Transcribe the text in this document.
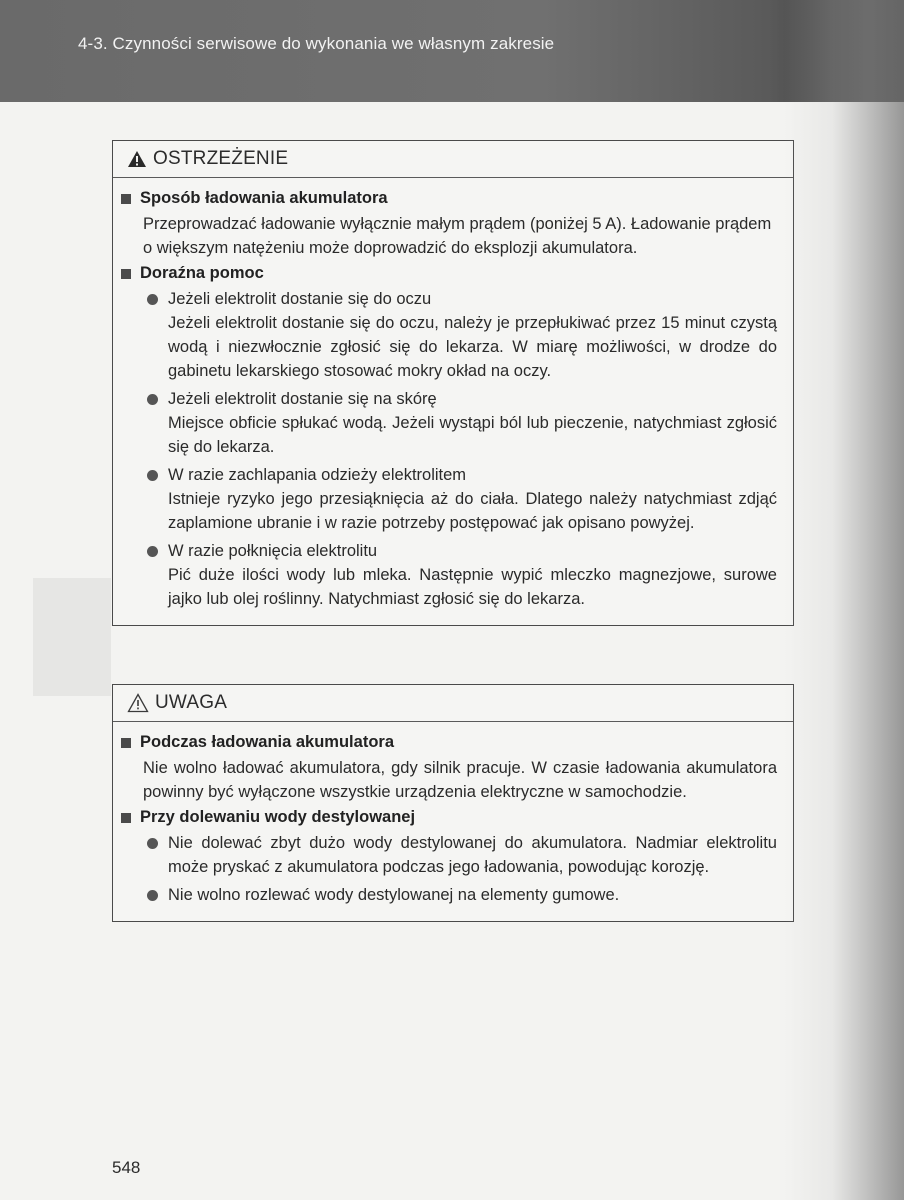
4-3. Czynności serwisowe do wykonania we własnym zakresie
OSTRZEŻENIE
Sposób ładowania akumulatora
Przeprowadzać ładowanie wyłącznie małym prądem (poniżej 5 A). Ładowanie prądem o większym natężeniu może doprowadzić do eksplozji akumulatora.
Doraźna pomoc
Jeżeli elektrolit dostanie się do oczu
Jeżeli elektrolit dostanie się do oczu, należy je przepłukiwać przez 15 minut czystą wodą i niezwłocznie zgłosić się do lekarza. W miarę możliwości, w drodze do gabinetu lekarskiego stosować mokry okład na oczy.
Jeżeli elektrolit dostanie się na skórę
Miejsce obficie spłukać wodą. Jeżeli wystąpi ból lub pieczenie, natychmiast zgłosić się do lekarza.
W razie zachlapania odzieży elektrolitem
Istnieje ryzyko jego przesiąknięcia aż do ciała. Dlatego należy natychmiast zdjąć zaplamione ubranie i w razie potrzeby postępować jak opisano powyżej.
W razie połknięcia elektrolitu
Pić duże ilości wody lub mleka. Następnie wypić mleczko magnezjowe, surowe jajko lub olej roślinny. Natychmiast zgłosić się do lekarza.
UWAGA
Podczas ładowania akumulatora
Nie wolno ładować akumulatora, gdy silnik pracuje. W czasie ładowania akumulatora powinny być wyłączone wszystkie urządzenia elektryczne w samochodzie.
Przy dolewaniu wody destylowanej
Nie dolewać zbyt dużo wody destylowanej do akumulatora. Nadmiar elektrolitu może pryskać z akumulatora podczas jego ładowania, powodując korozję.
Nie wolno rozlewać wody destylowanej na elementy gumowe.
548
